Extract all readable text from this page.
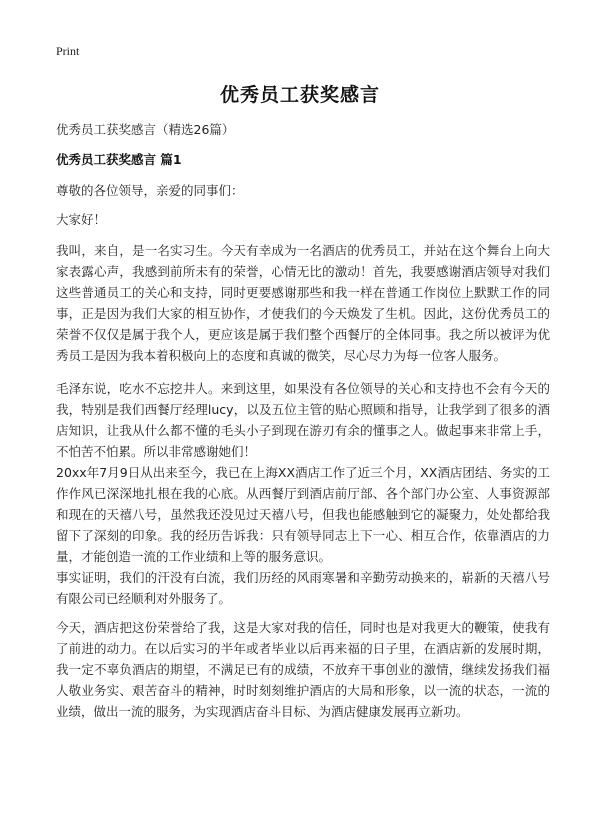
Print
优秀员工获奖感言
优秀员工获奖感言（精选26篇）
优秀员工获奖感言 篇1

尊敬的各位领导，亲爱的同事们：

大家好！

我叫，来自，是一名实习生。今天有幸成为一名酒店的优秀员工，并站在这个舞台上向大家表露心声，我感到前所未有的荣誉，心情无比的激动！首先，我要感谢酒店领导对我们这些普通员工的关心和支持，同时更要感谢那些和我一样在普通工作岗位上默默工作的同事，正是因为我们大家的相互协作，才使我们的今天焕发了生机。因此，这份优秀员工的荣誉不仅仅是属于我个人，更应该是属于我们整个西餐厅的全体同事。我之所以被评为优秀员工是因为我本着积极向上的态度和真诚的微笑，尽心尽力为每一位客人服务。

毛泽东说，吃水不忘挖井人。来到这里，如果没有各位领导的关心和支持也不会有今天的我，特别是我们西餐厅经理lucy，以及五位主管的贴心照顾和指导，让我学到了很多的酒店知识，让我从什么都不懂的毛头小子到现在游刃有余的懂事之人。做起事来非常上手，不怕苦不怕累。所以非常感谢她们！

20xx年7月9日从出来至今，我已在上海XX酒店工作了近三个月，XX酒店团结、务实的工作作风已深深地扎根在我的心底。从西餐厅到酒店前厅部、各个部门办公室、人事资源部和现在的天禧八号，虽然我还没见过天禧八号，但我也能感触到它的凝聚力，处处都给我留下了深刻的印象。我的经历告诉我：只有领导同志上下一心、相互合作，依靠酒店的力量，才能创造一流的工作业绩和上等的服务意识。

事实证明，我们的汗没有白流，我们历经的风雨寒暑和辛勤劳动换来的，崭新的天禧八号有限公司已经顺利对外服务了。

今天，酒店把这份荣誉给了我，这是大家对我的信任，同时也是对我更大的鞭策，使我有了前进的动力。在以后实习的半年或者毕业以后再来福的日子里，在酒店新的发展时期，我一定不辜负酒店的期望，不满足已有的成绩，不放弃干事创业的激情，继续发扬我们福人敬业务实、艰苦奋斗的精神，时时刻刻维护酒店的大局和形象，以一流的状态，一流的业绩，做出一流的服务，为实现酒店奋斗目标、为酒店健康发展再立新功。
